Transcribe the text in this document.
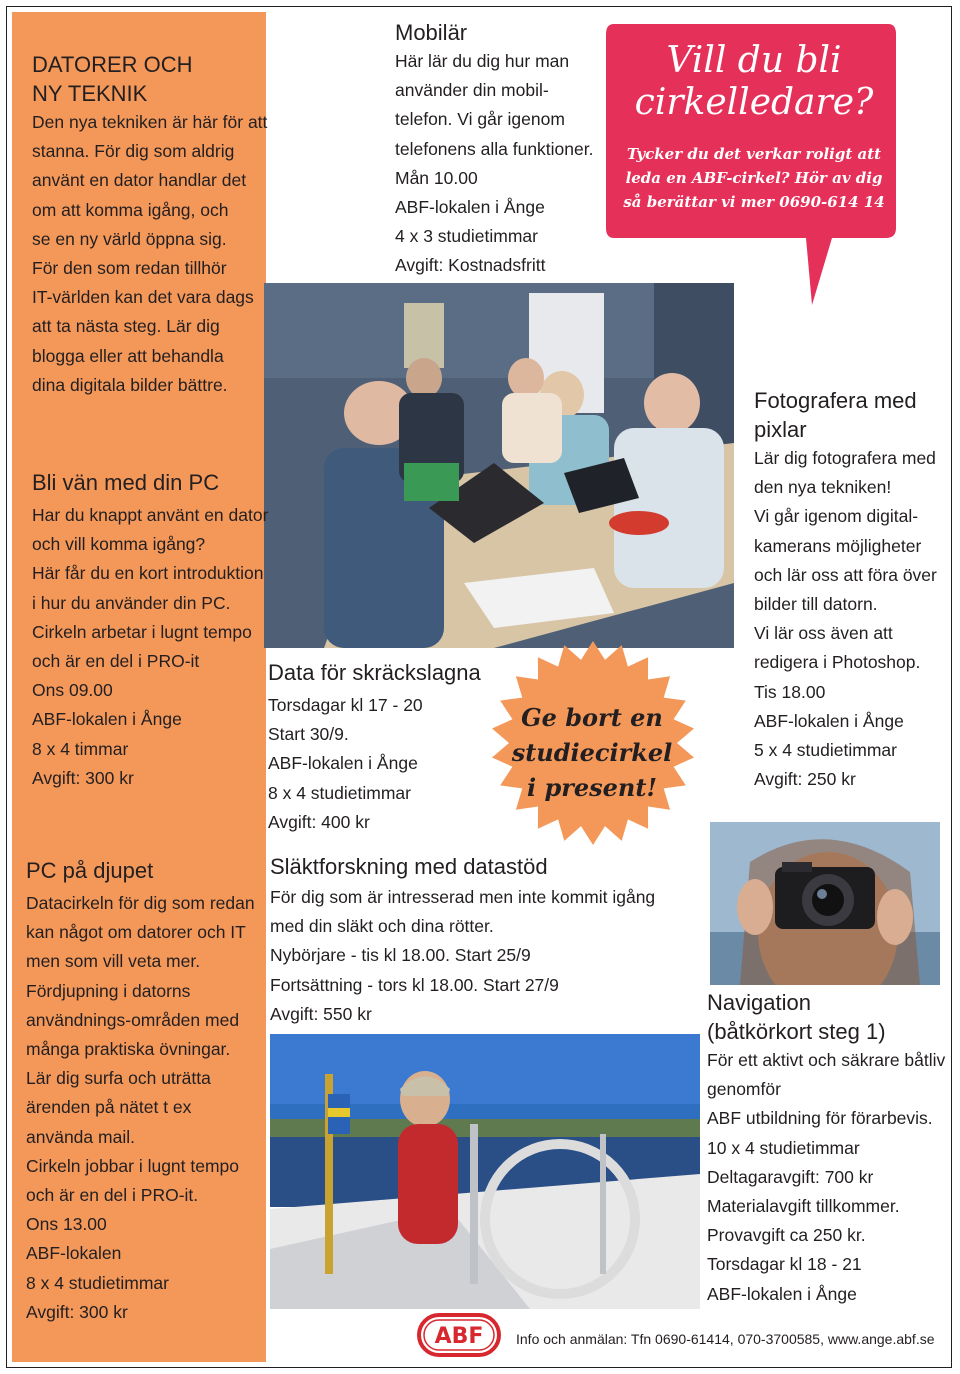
Vill du bli
cirkelledare?
Tycker du det verkar roligt att
leda en ABF-cirkel? Hör av dig
så berättar vi mer 0690-614 14
Ge bort en
studiecirkel
i present!
DATORER OCH
NY TEKNIK
Den nya tekniken är här för att
stanna. För dig som aldrig
använt en dator handlar det
om att komma igång, och
se en ny värld öppna sig.
För den som redan tillhör
IT-världen kan det vara dags
att ta nästa steg. Lär dig
blogga eller att behandla
dina digitala bilder bättre.
Bli vän med din PC
Har du knappt använt en dator
och vill komma igång?
Här får du en kort introduktion
i hur du använder din PC.
Cirkeln arbetar i lugnt tempo
och är en del i PRO-it
Ons 09.00
ABF-lokalen i Ånge
8 x 4 timmar
Avgift: 300 kr
PC på djupet
Datacirkeln för dig som redan
kan något om datorer och IT
men som vill veta mer.
Fördjupning i datorns
användnings-områden med
många praktiska övningar.
Lär dig surfa och uträtta
ärenden på nätet t ex
använda mail.
Cirkeln jobbar i lugnt tempo
och är en del i PRO-it.
Ons 13.00
ABF-lokalen
8 x 4 studietimmar
Avgift: 300 kr
Mobilär
Här lär du dig hur man
använder din mobil-
telefon. Vi går igenom
telefonens alla funktioner.
Mån 10.00
ABF-lokalen i Ånge
4 x 3 studietimmar
Avgift: Kostnadsfritt
Data för skräckslagna
Torsdagar kl 17 - 20
Start 30/9.
ABF-lokalen i Ånge
8 x 4 studietimmar
Avgift: 400 kr
Fotografera med
pixlar
Lär dig fotografera med
den nya tekniken!
Vi går igenom digital-
kamerans möjligheter
och lär oss att föra över
bilder till datorn.
Vi lär oss även att
redigera i Photoshop.
Tis 18.00
ABF-lokalen i Ånge
5 x 4 studietimmar
Avgift: 250 kr
Släktforskning med datastöd
För dig som är intresserad men inte kommit igång
med din släkt och dina rötter.
Nybörjare - tis kl 18.00. Start 25/9
Fortsättning - tors kl 18.00. Start 27/9
Avgift: 550 kr	Navigation
(båtkörkort steg 1)
För ett aktivt och säkrare båtliv
genomför
ABF utbildning för förarbevis.
10 x 4 studietimmar
Deltagaravgift: 700 kr
Materialavgift tillkommer.
Provavgift ca 250 kr.
Torsdagar kl 18 - 21
ABF-lokalen i Ånge
ABF Info och anmälan: Tfn 0690-61414, 070-3700585, www.ange.abf.se
